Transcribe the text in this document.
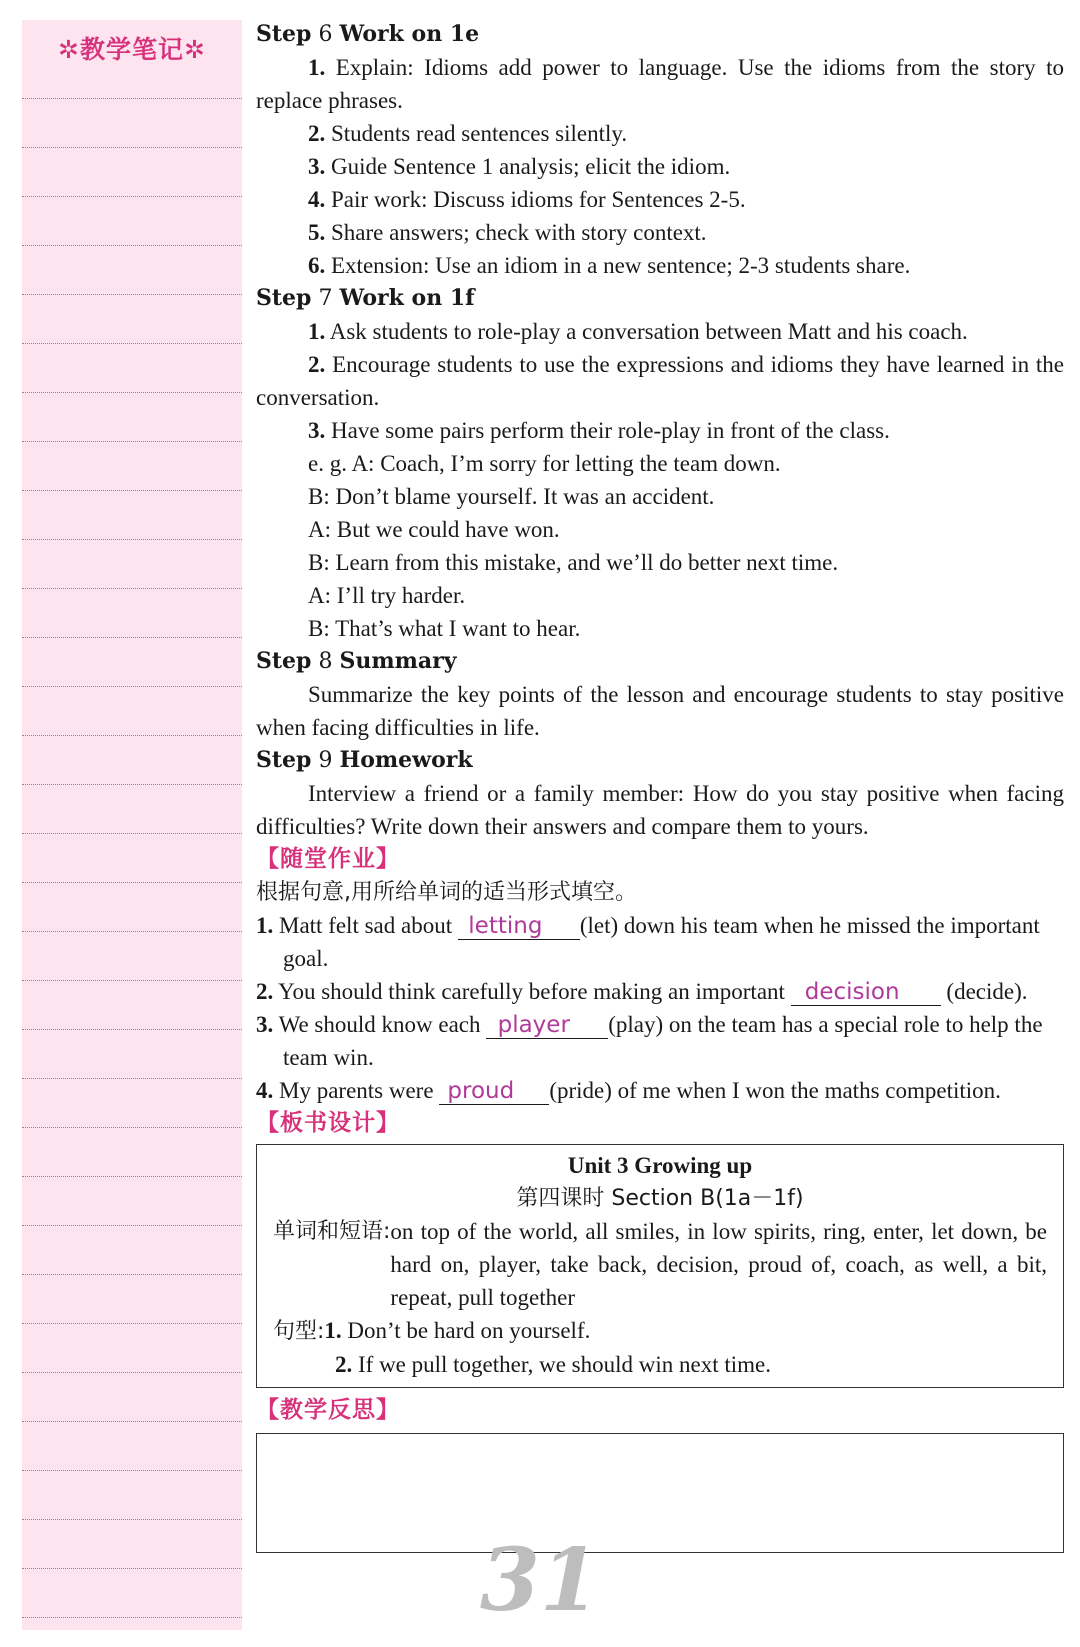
✲教学笔记✲

Step 6 Work on 1e

1. Explain: Idioms add power to language. Use the idioms from the story to replace phrases.

2. Students read sentences silently.

3. Guide Sentence 1 analysis; elicit the idiom.

4. Pair work: Discuss idioms for Sentences 2-5.

5. Share answers; check with story context.

6. Extension: Use an idiom in a new sentence; 2-3 students share.

Step 7 Work on 1f

1. Ask students to role-play a conversation between Matt and his coach.

2. Encourage students to use the expressions and idioms they have learned in the conversation.

3. Have some pairs perform their role-play in front of the class.

e. g. A: Coach, I’m sorry for letting the team down.

B: Don’t blame yourself. It was an accident.

A: But we could have won.

B: Learn from this mistake, and we’ll do better next time.

A: I’ll try harder.

B: That’s what I want to hear.

Step 8 Summary

Summarize the key points of the lesson and encourage students to stay positive when facing difficulties in life.

Step 9 Homework

Interview a friend or a family member: How do you stay positive when facing difficulties? Write down their answers and compare them to yours.

【随堂作业】

根据句意,用所给单词的适当形式填空。

1. Matt felt sad about letting (let) down his team when he missed the important goal.

2. You should think carefully before making an important decision (decide).

3. We should know each player (play) on the team has a special role to help the team win.

4. My parents were proud (pride) of me when I won the maths competition.

【板书设计】

Unit 3 Growing up

第四课时 Section B(1a－1f)

单词和短语: on top of the world, all smiles, in low spirits, ring, enter, let down, be hard on, player, take back, decision, proud of, coach, as well, a bit, repeat, pull together

句型:1. Don’t be hard on yourself.

2. If we pull together, we should win next time.

【教学反思】

31
